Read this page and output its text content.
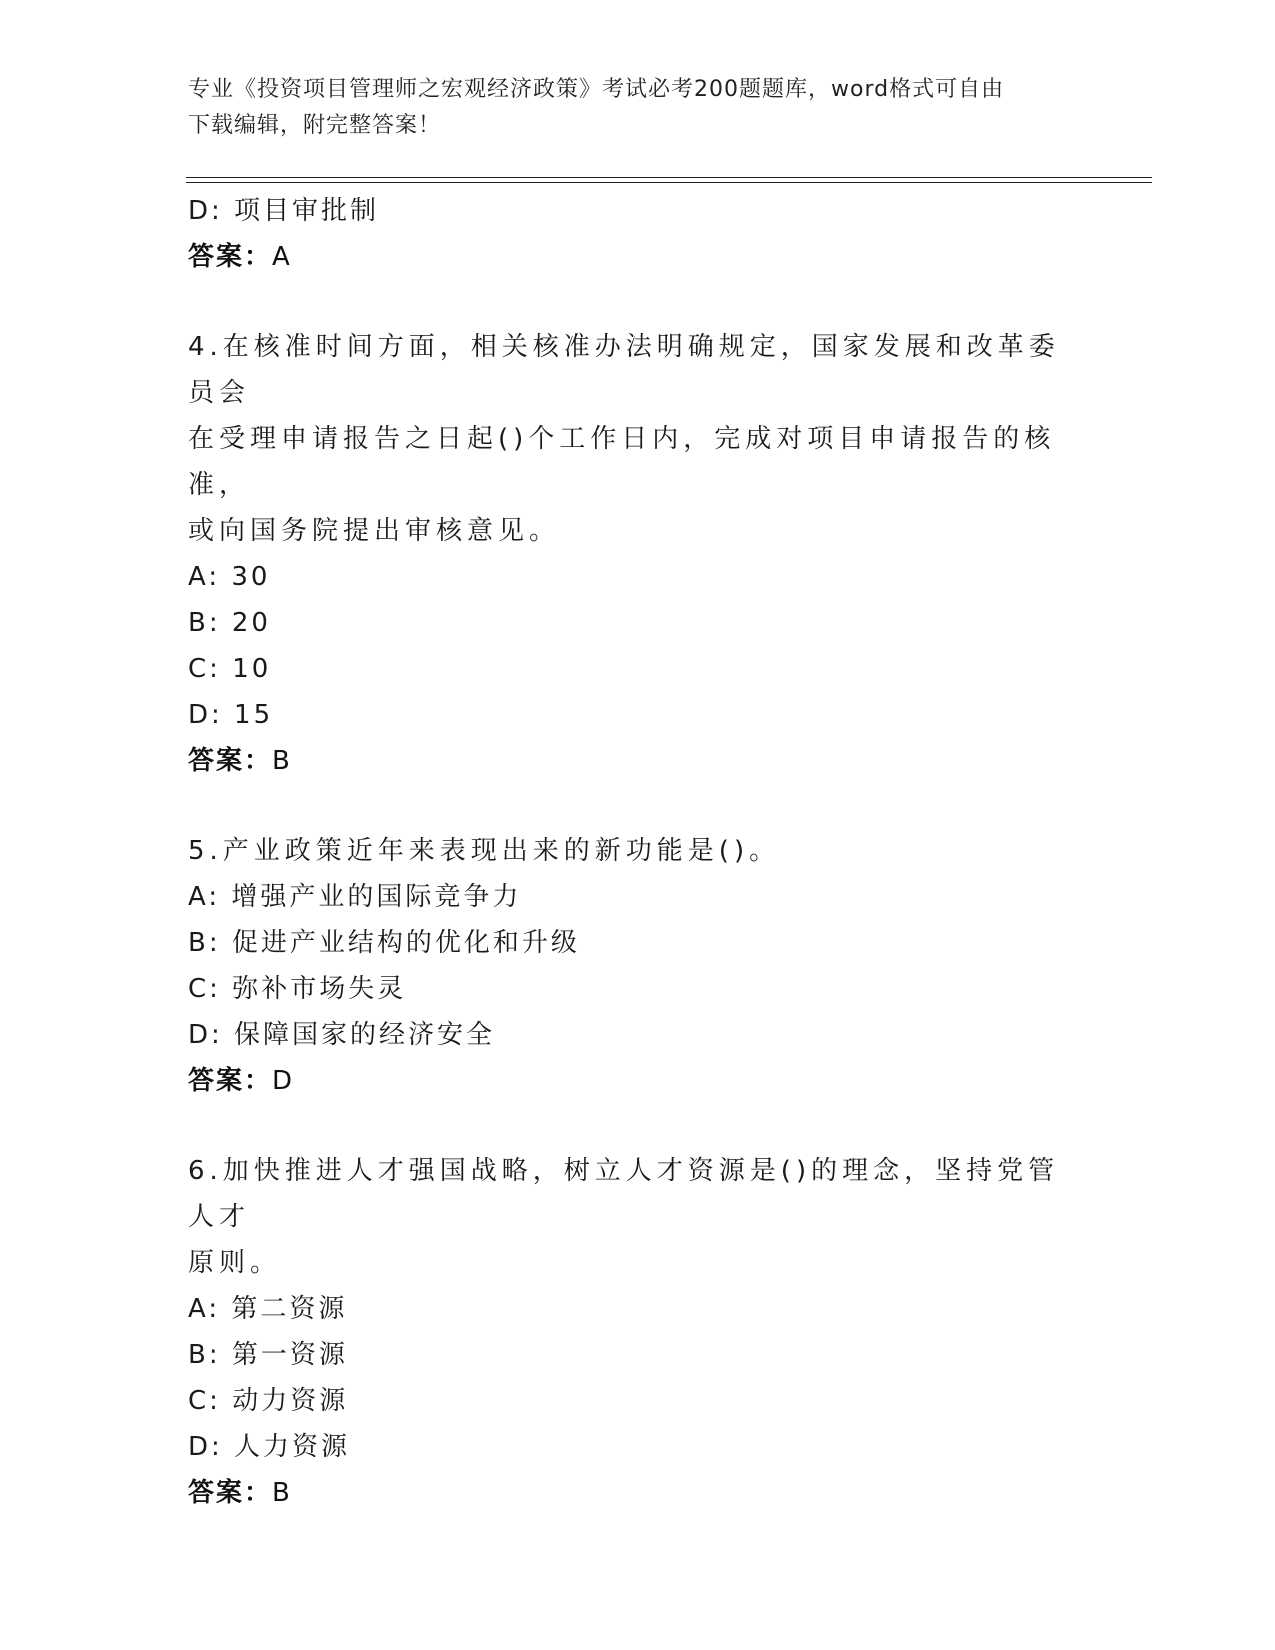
专业《投资项目管理师之宏观经济政策》考试必考200题题库，word格式可自由
下载编辑，附完整答案！

D: 项目审批制

答案：A

4.在核准时间方面，相关核准办法明确规定，国家发展和改革委员会

在受理申请报告之日起()个工作日内，完成对项目申请报告的核准，

或向国务院提出审核意见。

A: 30

B: 20

C: 10

D: 15

答案：B

5.产业政策近年来表现出来的新功能是()。

A: 增强产业的国际竞争力

B: 促进产业结构的优化和升级

C: 弥补市场失灵

D: 保障国家的经济安全

答案：D

6.加快推进人才强国战略，树立人才资源是()的理念，坚持党管人才

原则。

A: 第二资源

B: 第一资源

C: 动力资源

D: 人力资源

答案：B
